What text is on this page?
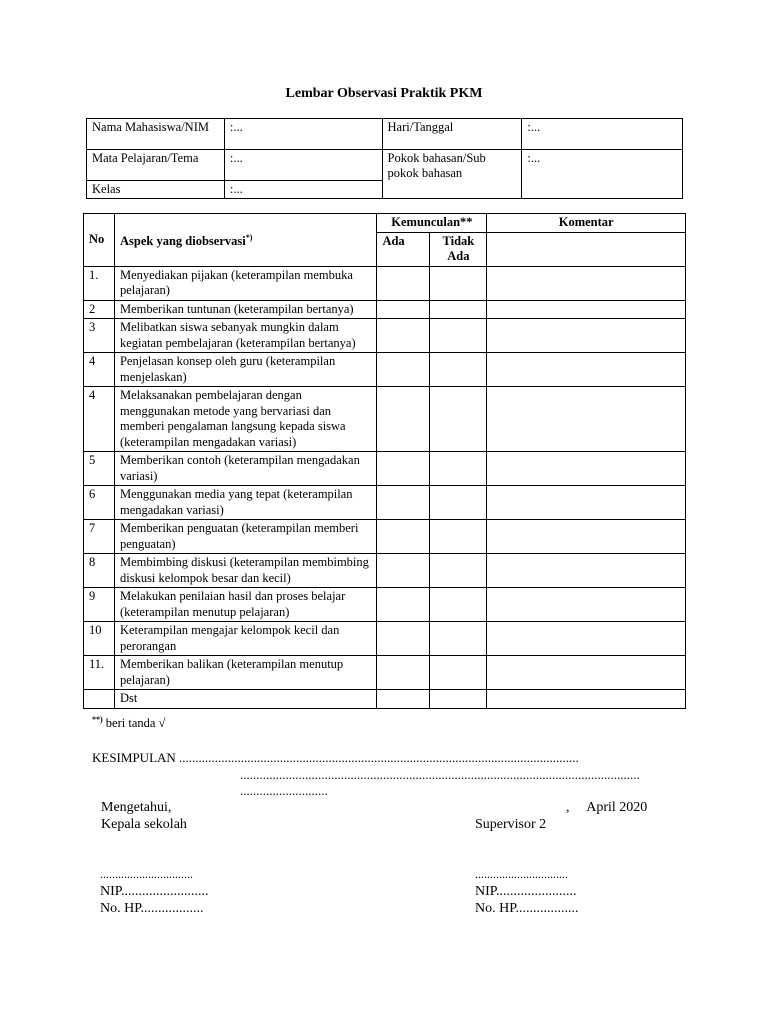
Lembar Observasi Praktik PKM
Nama Mahasiswa/NIM	:...	Hari/Tanggal	:...
Mata Pelajaran/Tema	:...	Pokok bahasan/Sub pokok bahasan	:...
Kelas	:...		
No	Aspek yang diobservasi*)	Kemunculan**		Komentar
		Ada	Tidak Ada	
1.	Menyediakan pijakan (keterampilan membuka pelajaran)			
2	Memberikan tuntunan (keterampilan bertanya)			
3	Melibatkan siswa sebanyak mungkin dalam kegiatan pembelajaran (keterampilan bertanya)			
4	Penjelasan konsep oleh guru (keterampilan menjelaskan)			
4	Melaksanakan pembelajaran dengan menggunakan metode yang bervariasi dan memberi pengalaman langsung kepada siswa (keterampilan mengadakan variasi)			
5	Memberikan contoh (keterampilan mengadakan variasi)			
6	Menggunakan media yang tepat (keterampilan mengadakan variasi)			
7	Memberikan penguatan (keterampilan memberi penguatan)			
8	Membimbing diskusi (keterampilan membimbing diskusi kelompok besar dan kecil)			
9	Melakukan penilaian hasil dan proses belajar (keterampilan menutup pelajaran)			
10	Keterampilan mengajar kelompok kecil dan perorangan			
11.	Memberikan balikan (keterampilan menutup pelajaran)			
	Dst			
**) beri tanda √
KESIMPULAN ...........................................................................................................................
...........................................................................................................................
...........................
Mengetahui,
Kepala sekolah
,     April 2020
Supervisor 2
...............................	...............................
NIP.........................	NIP.......................
No. HP..................	No. HP..................
